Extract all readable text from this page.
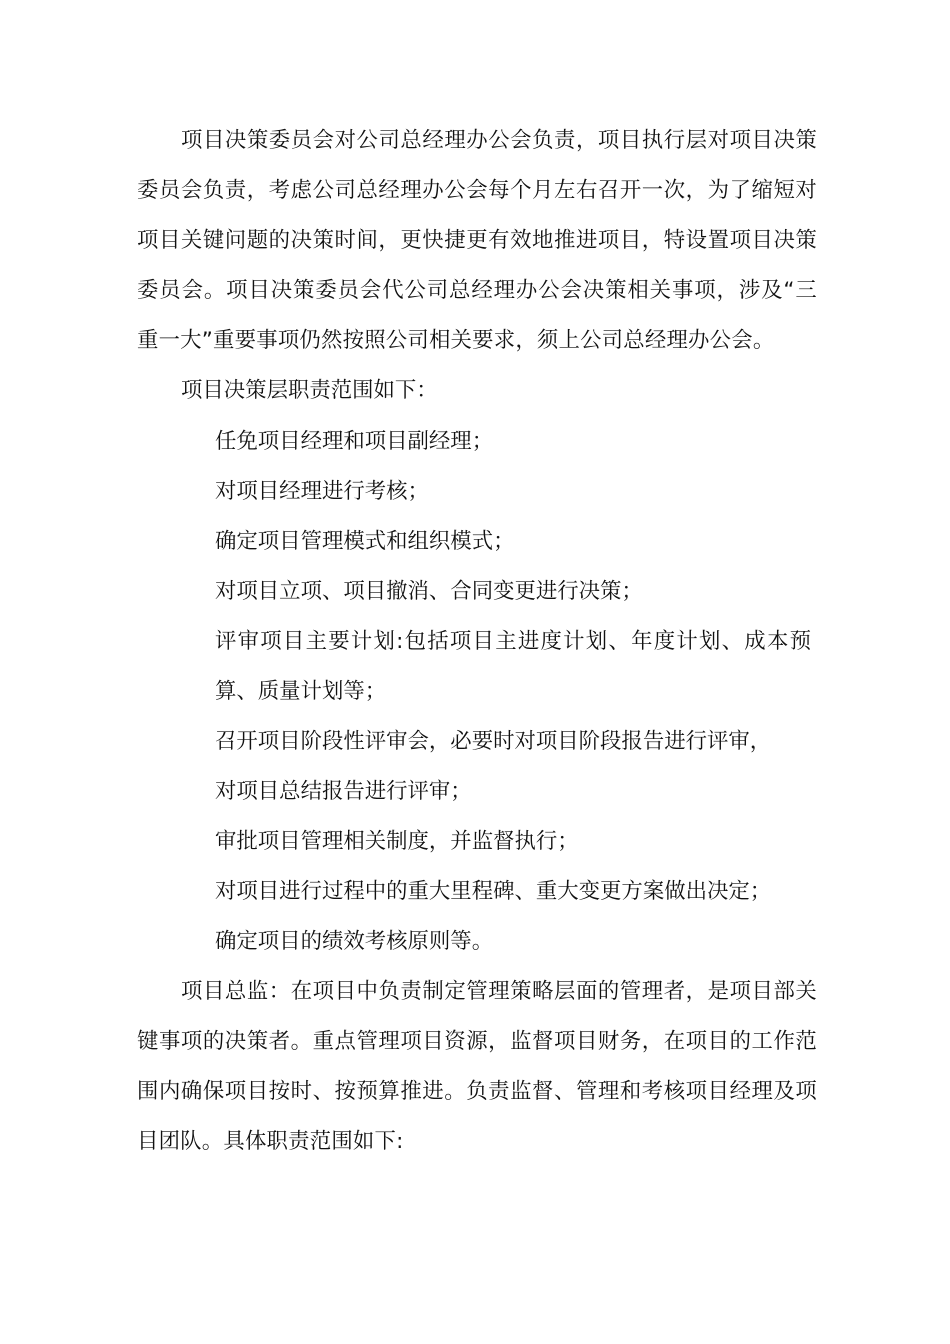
项目决策委员会对公司总经理办公会负责，项目执行层对项目决策委员会负责，考虑公司总经理办公会每个月左右召开一次，为了缩短对项目关键问题的决策时间，更快捷更有效地推进项目，特设置项目决策委员会。项目决策委员会代公司总经理办公会决策相关事项，涉及“三重一大”重要事项仍然按照公司相关要求，须上公司总经理办公会。

项目决策层职责范围如下：

任免项目经理和项目副经理；

对项目经理进行考核；

确定项目管理模式和组织模式；

对项目立项、项目撤消、合同变更进行决策；

评审项目主要计划:包括项目主进度计划、年度计划、成本预算、质量计划等；

召开项目阶段性评审会，必要时对项目阶段报告进行评审，

对项目总结报告进行评审；

审批项目管理相关制度，并监督执行；

对项目进行过程中的重大里程碑、重大变更方案做出决定；

确定项目的绩效考核原则等。

项目总监：在项目中负责制定管理策略层面的管理者，是项目部关键事项的决策者。重点管理项目资源，监督项目财务，在项目的工作范围内确保项目按时、按预算推进。负责监督、管理和考核项目经理及项目团队。具体职责范围如下:
